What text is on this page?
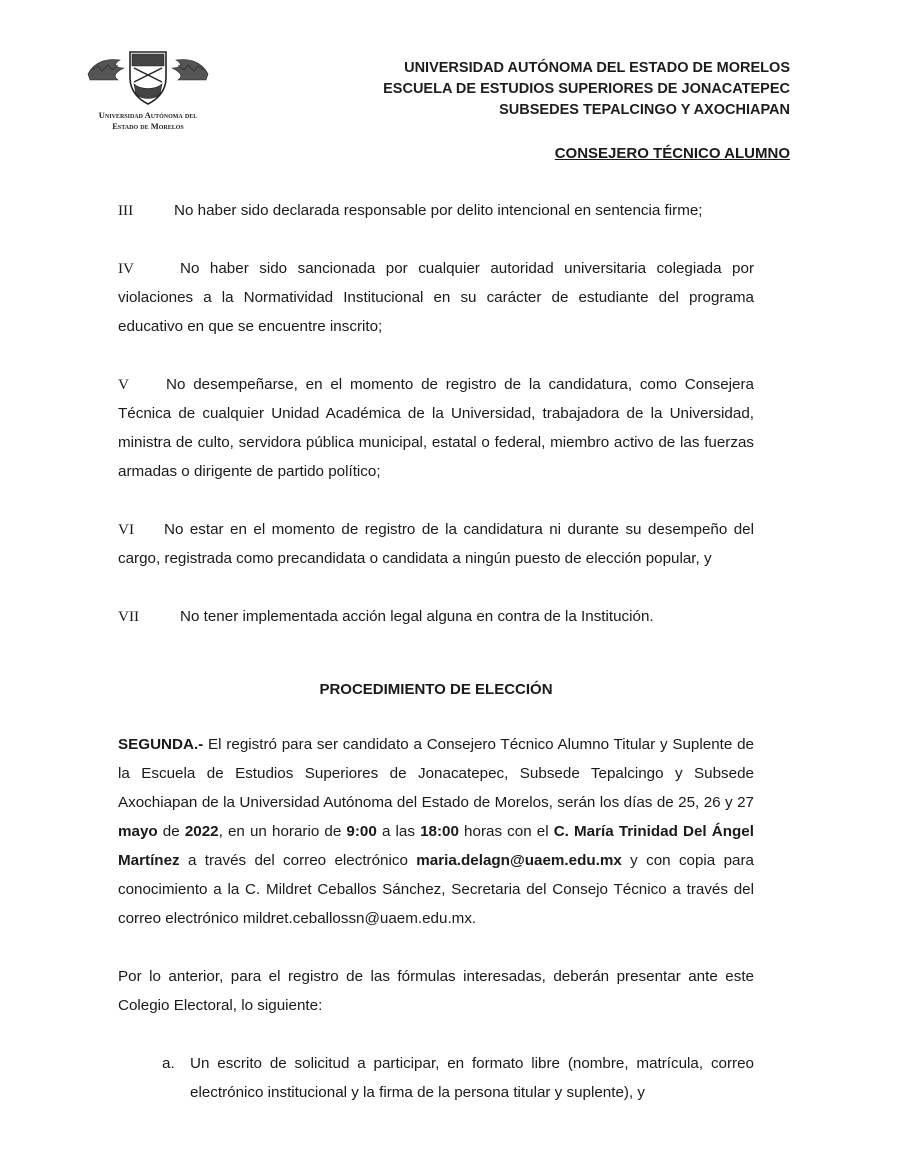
Universidad Autónoma del
Estado de Morelos
UNIVERSIDAD AUTÓNOMA DEL ESTADO DE MORELOS
ESCUELA DE ESTUDIOS SUPERIORES DE JONACATEPEC
SUBSEDES TEPALCINGO Y AXOCHIAPAN
CONSEJERO TÉCNICO ALUMNO

III	No haber sido declarada responsable por delito intencional en sentencia firme;

IV	No haber sido sancionada por cualquier autoridad universitaria colegiada por violaciones a la Normatividad Institucional en su carácter de estudiante del programa educativo en que se encuentre inscrito;

V No desempeñarse, en el momento de registro de la candidatura, como Consejera Técnica de cualquier Unidad Académica de la Universidad, trabajadora de la Universidad, ministra de culto, servidora pública municipal, estatal o federal, miembro activo de las fuerzas armadas o dirigente de partido político;

VI No estar en el momento de registro de la candidatura ni durante su desempeño del cargo, registrada como precandidata o candidata a ningún puesto de elección popular, y

VII	No tener implementada acción legal alguna en contra de la Institución.

PROCEDIMIENTO DE ELECCIÓN

SEGUNDA.- El registró para ser candidato a Consejero Técnico Alumno Titular y Suplente de la Escuela de Estudios Superiores de Jonacatepec, Subsede Tepalcingo y Subsede Axochiapan de la Universidad Autónoma del Estado de Morelos, serán los días de 25, 26 y 27 mayo de 2022, en un horario de 9:00 a las 18:00 horas con el C. María Trinidad Del Ángel Martínez a través del correo electrónico maria.delagn@uaem.edu.mx y con copia para conocimiento a la C. Mildret Ceballos Sánchez, Secretaria del Consejo Técnico a través del correo electrónico mildret.ceballossn@uaem.edu.mx.

Por lo anterior, para el registro de las fórmulas interesadas, deberán presentar ante este Colegio Electoral, lo siguiente:

a. Un escrito de solicitud a participar, en formato libre (nombre, matrícula, correo electrónico institucional y la firma de la persona titular y suplente), y
